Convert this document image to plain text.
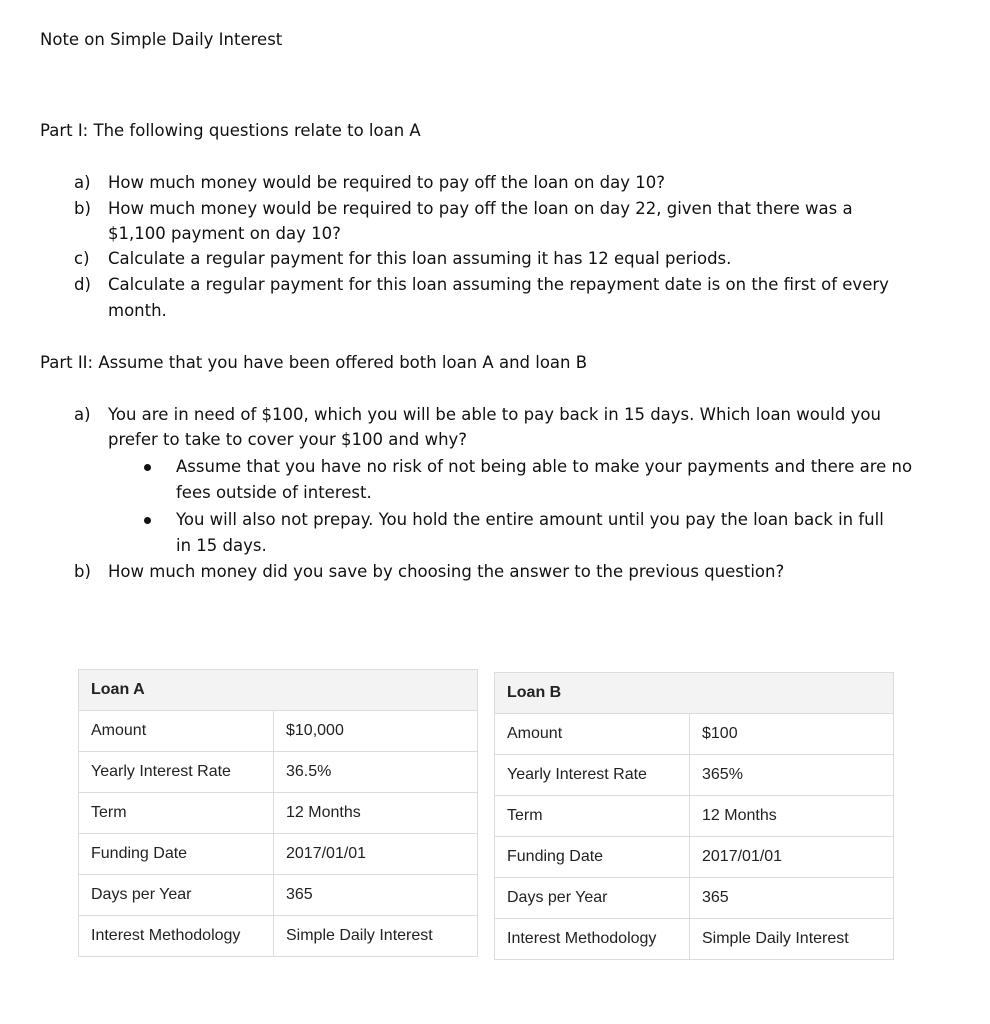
Note on Simple Daily Interest
Part I: The following questions relate to loan A
a) How much money would be required to pay off the loan on day 10?
b) How much money would be required to pay off the loan on day 22, given that there was a
$1,100 payment on day 10?
c) Calculate a regular payment for this loan assuming it has 12 equal periods.
d) Calculate a regular payment for this loan assuming the repayment date is on the first of every
month.
Part II: Assume that you have been offered both loan A and loan B
a) You are in need of $100, which you will be able to pay back in 15 days. Which loan would you
prefer to take to cover your $100 and why?
Assume that you have no risk of not being able to make your payments and there are no
fees outside of interest.
You will also not prepay. You hold the entire amount until you pay the loan back in full
in 15 days.
b) How much money did you save by choosing the answer to the previous question?
Loan A	
Amount	$10,000
Yearly Interest Rate	36.5%
Term	12 Months
Funding Date	2017/01/01
Days per Year	365
Interest Methodology	Simple Daily Interest
Loan B	
Amount	$100
Yearly Interest Rate	365%
Term	12 Months
Funding Date	2017/01/01
Days per Year	365
Interest Methodology	Simple Daily Interest
